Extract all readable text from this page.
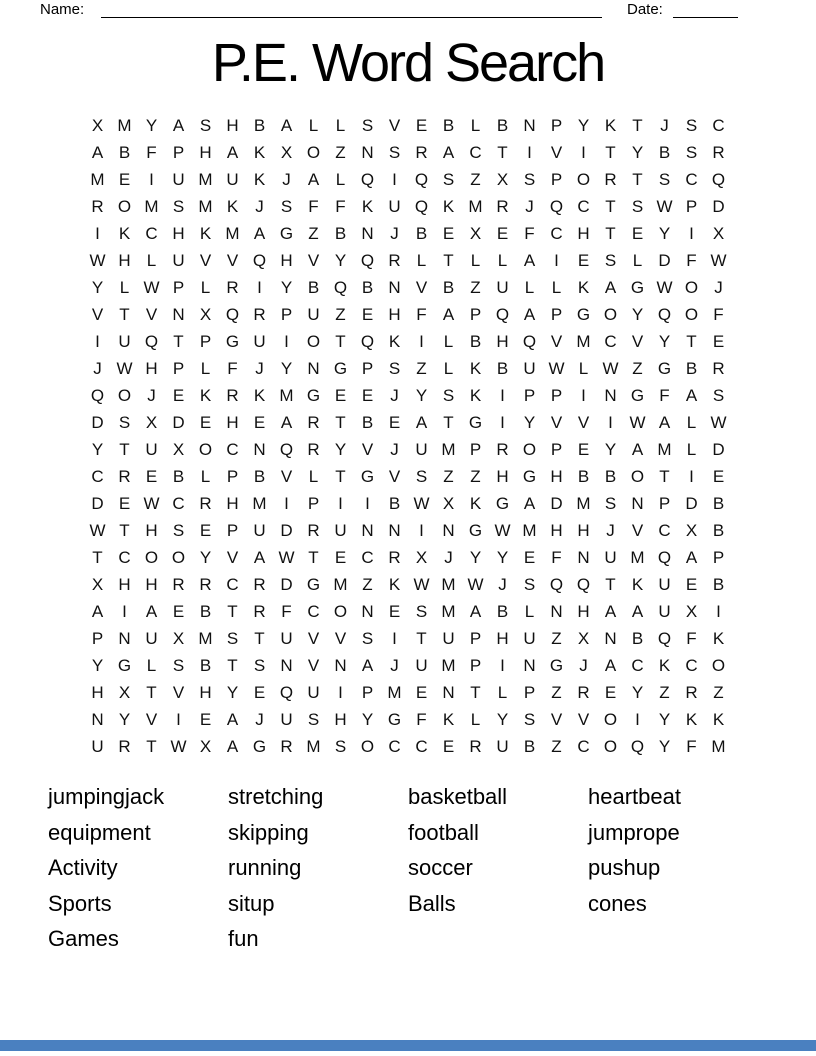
Name:	Date:
P.E. Word Search
X M Y A S H B A L	L S V E B L B N P Y K T	J	S C
A B F P H A K X O Z N S R A C T	I	V	I	T Y B S R
M E	I	U M U K	J	A L Q	I	Q S Z X S P O R T S C Q
R O M S M K	J	S F F K U Q K M R J Q C T S W P D
I	K C H K M A G Z B N J	B E X E F C H T E Y	I	X
W H L U V V Q H V Y Q R L	T	L	L A	I	E S L D F W
Y L W P L R	I	Y B Q B N V B Z U L	L K A G W O J
V T V N X Q R P U Z E H F A P Q A P G O Y Q O F
I	U Q T P G U	I	O T Q K	I	L B H Q V M C V Y T E
J W H P L	F	J	Y N G P S Z	L K B U W L W Z G B R
Q O J	E K R K M G E E	J	Y S K	I	P P	I	N G F A S
D S X D E H E A R T B E A T G	I	Y V V	I W A L W
Y T U X O C N Q R Y V	J U M P R O P E Y A M L D
C R E B L P B V L	T G V S Z Z H G H B B O T	I	E
D E W C R H M	I	P	I	I	B W X K G A D M S N P D B
W T H S E P U D R U N N	I	N G W M H H J	V C X B
T C O O Y V A W T E C R X	J	Y Y E F N U M Q A P
X H H R R C R D G M Z K W M W J	S Q Q T K U E B
A	I	A E B T R F C O N E S M A B L N H A A U X	I
P N U X M S T U V V S	I	T U P H U Z X N B Q F K
Y G L S B T S N V N A	J U M P	I	N G J	A C K C O
H X T V H Y E Q U	I	P M E N T	L P Z R E Y Z R Z
N Y V	I	E A	J U S H Y G F K L Y S V V O	I	Y K K
U R T W X A G R M S O C C E R U B Z C O Q Y F M
jumpingjack
equipment
Activity
Sports
Games
stretching
skipping
running
situp
fun
basketball
football
soccer
Balls
heartbeat
jumprope
pushup
cones
